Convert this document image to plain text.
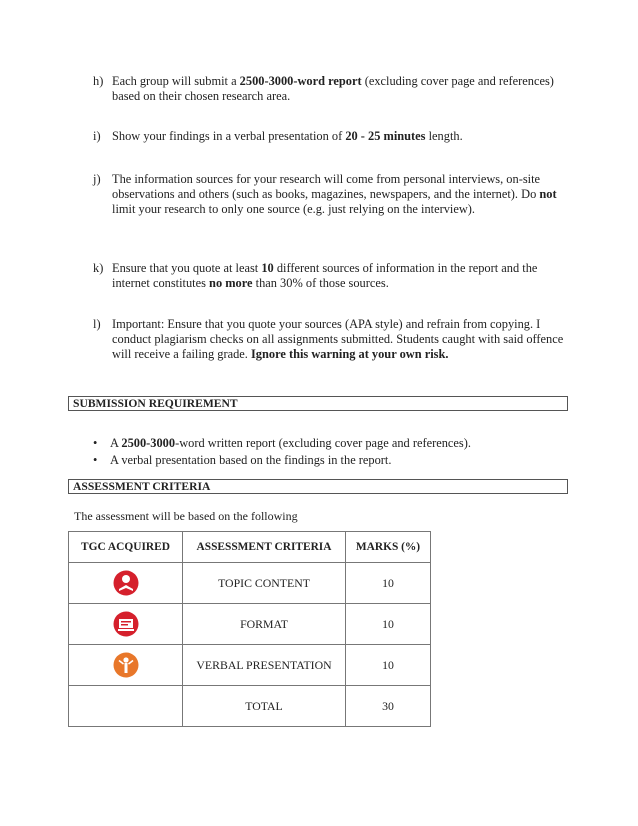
h) Each group will submit a 2500-3000-word report (excluding cover page and references) based on their chosen research area.
i) Show your findings in a verbal presentation of 20 - 25 minutes length.
j) The information sources for your research will come from personal interviews, on-site observations and others (such as books, magazines, newspapers, and the internet). Do not limit your research to only one source (e.g. just relying on the interview).
k) Ensure that you quote at least 10 different sources of information in the report and the internet constitutes no more than 30% of those sources.
l) Important: Ensure that you quote your sources (APA style) and refrain from copying. I conduct plagiarism checks on all assignments submitted. Students caught with said offence will receive a failing grade. Ignore this warning at your own risk.
SUBMISSION REQUIREMENT
• A 2500-3000-word written report (excluding cover page and references).
• A verbal presentation based on the findings in the report.
ASSESSMENT CRITERIA
The assessment will be based on the following
TGC ACQUIRED	ASSESSMENT CRITERIA	MARKS (%)
	TOPIC CONTENT	10
	FORMAT	10
	VERBAL PRESENTATION	10
	TOTAL	30
